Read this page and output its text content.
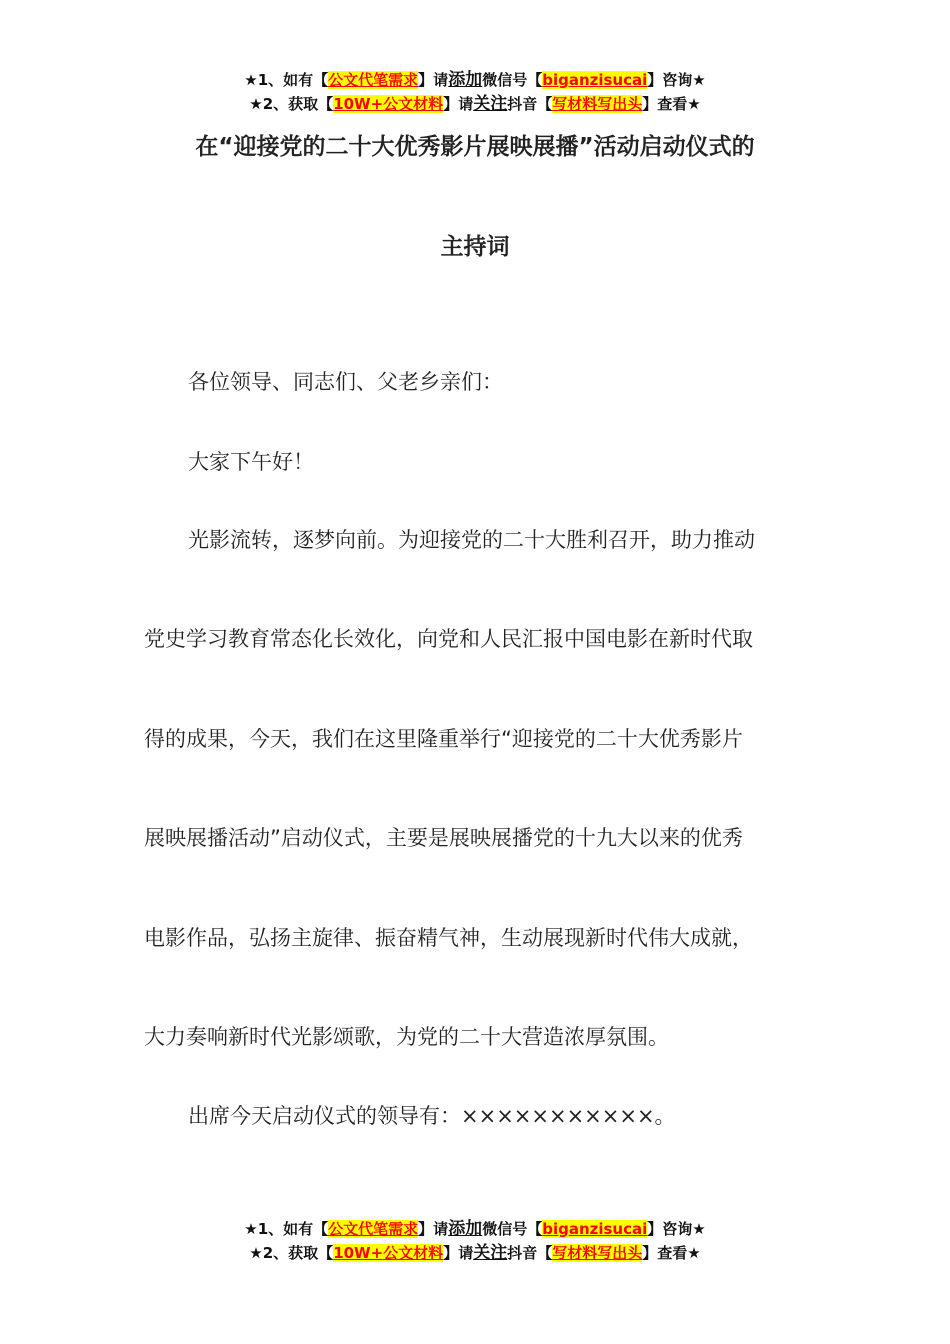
★1、如有【公文代笔需求】请添加微信号【biganzisucai】咨询★
★2、获取【10W+公文材料】请关注抖音【写材料写出头】查看★
在“迎接党的二十大优秀影片展映展播”活动启动仪式的
主持词
各位领导、同志们、父老乡亲们：
大家下午好！
光影流转，逐梦向前。为迎接党的二十大胜利召开，助力推动
党史学习教育常态化长效化，向党和人民汇报中国电影在新时代取
得的成果，今天，我们在这里隆重举行“迎接党的二十大优秀影片
展映展播活动”启动仪式，主要是展映展播党的十九大以来的优秀
电影作品，弘扬主旋律、振奋精气神，生动展现新时代伟大成就，
大力奏响新时代光影颂歌，为党的二十大营造浓厚氛围。
出席今天启动仪式的领导有：×××××××××××。
★1、如有【公文代笔需求】请添加微信号【biganzisucai】咨询★
★2、获取【10W+公文材料】请关注抖音【写材料写出头】查看★
